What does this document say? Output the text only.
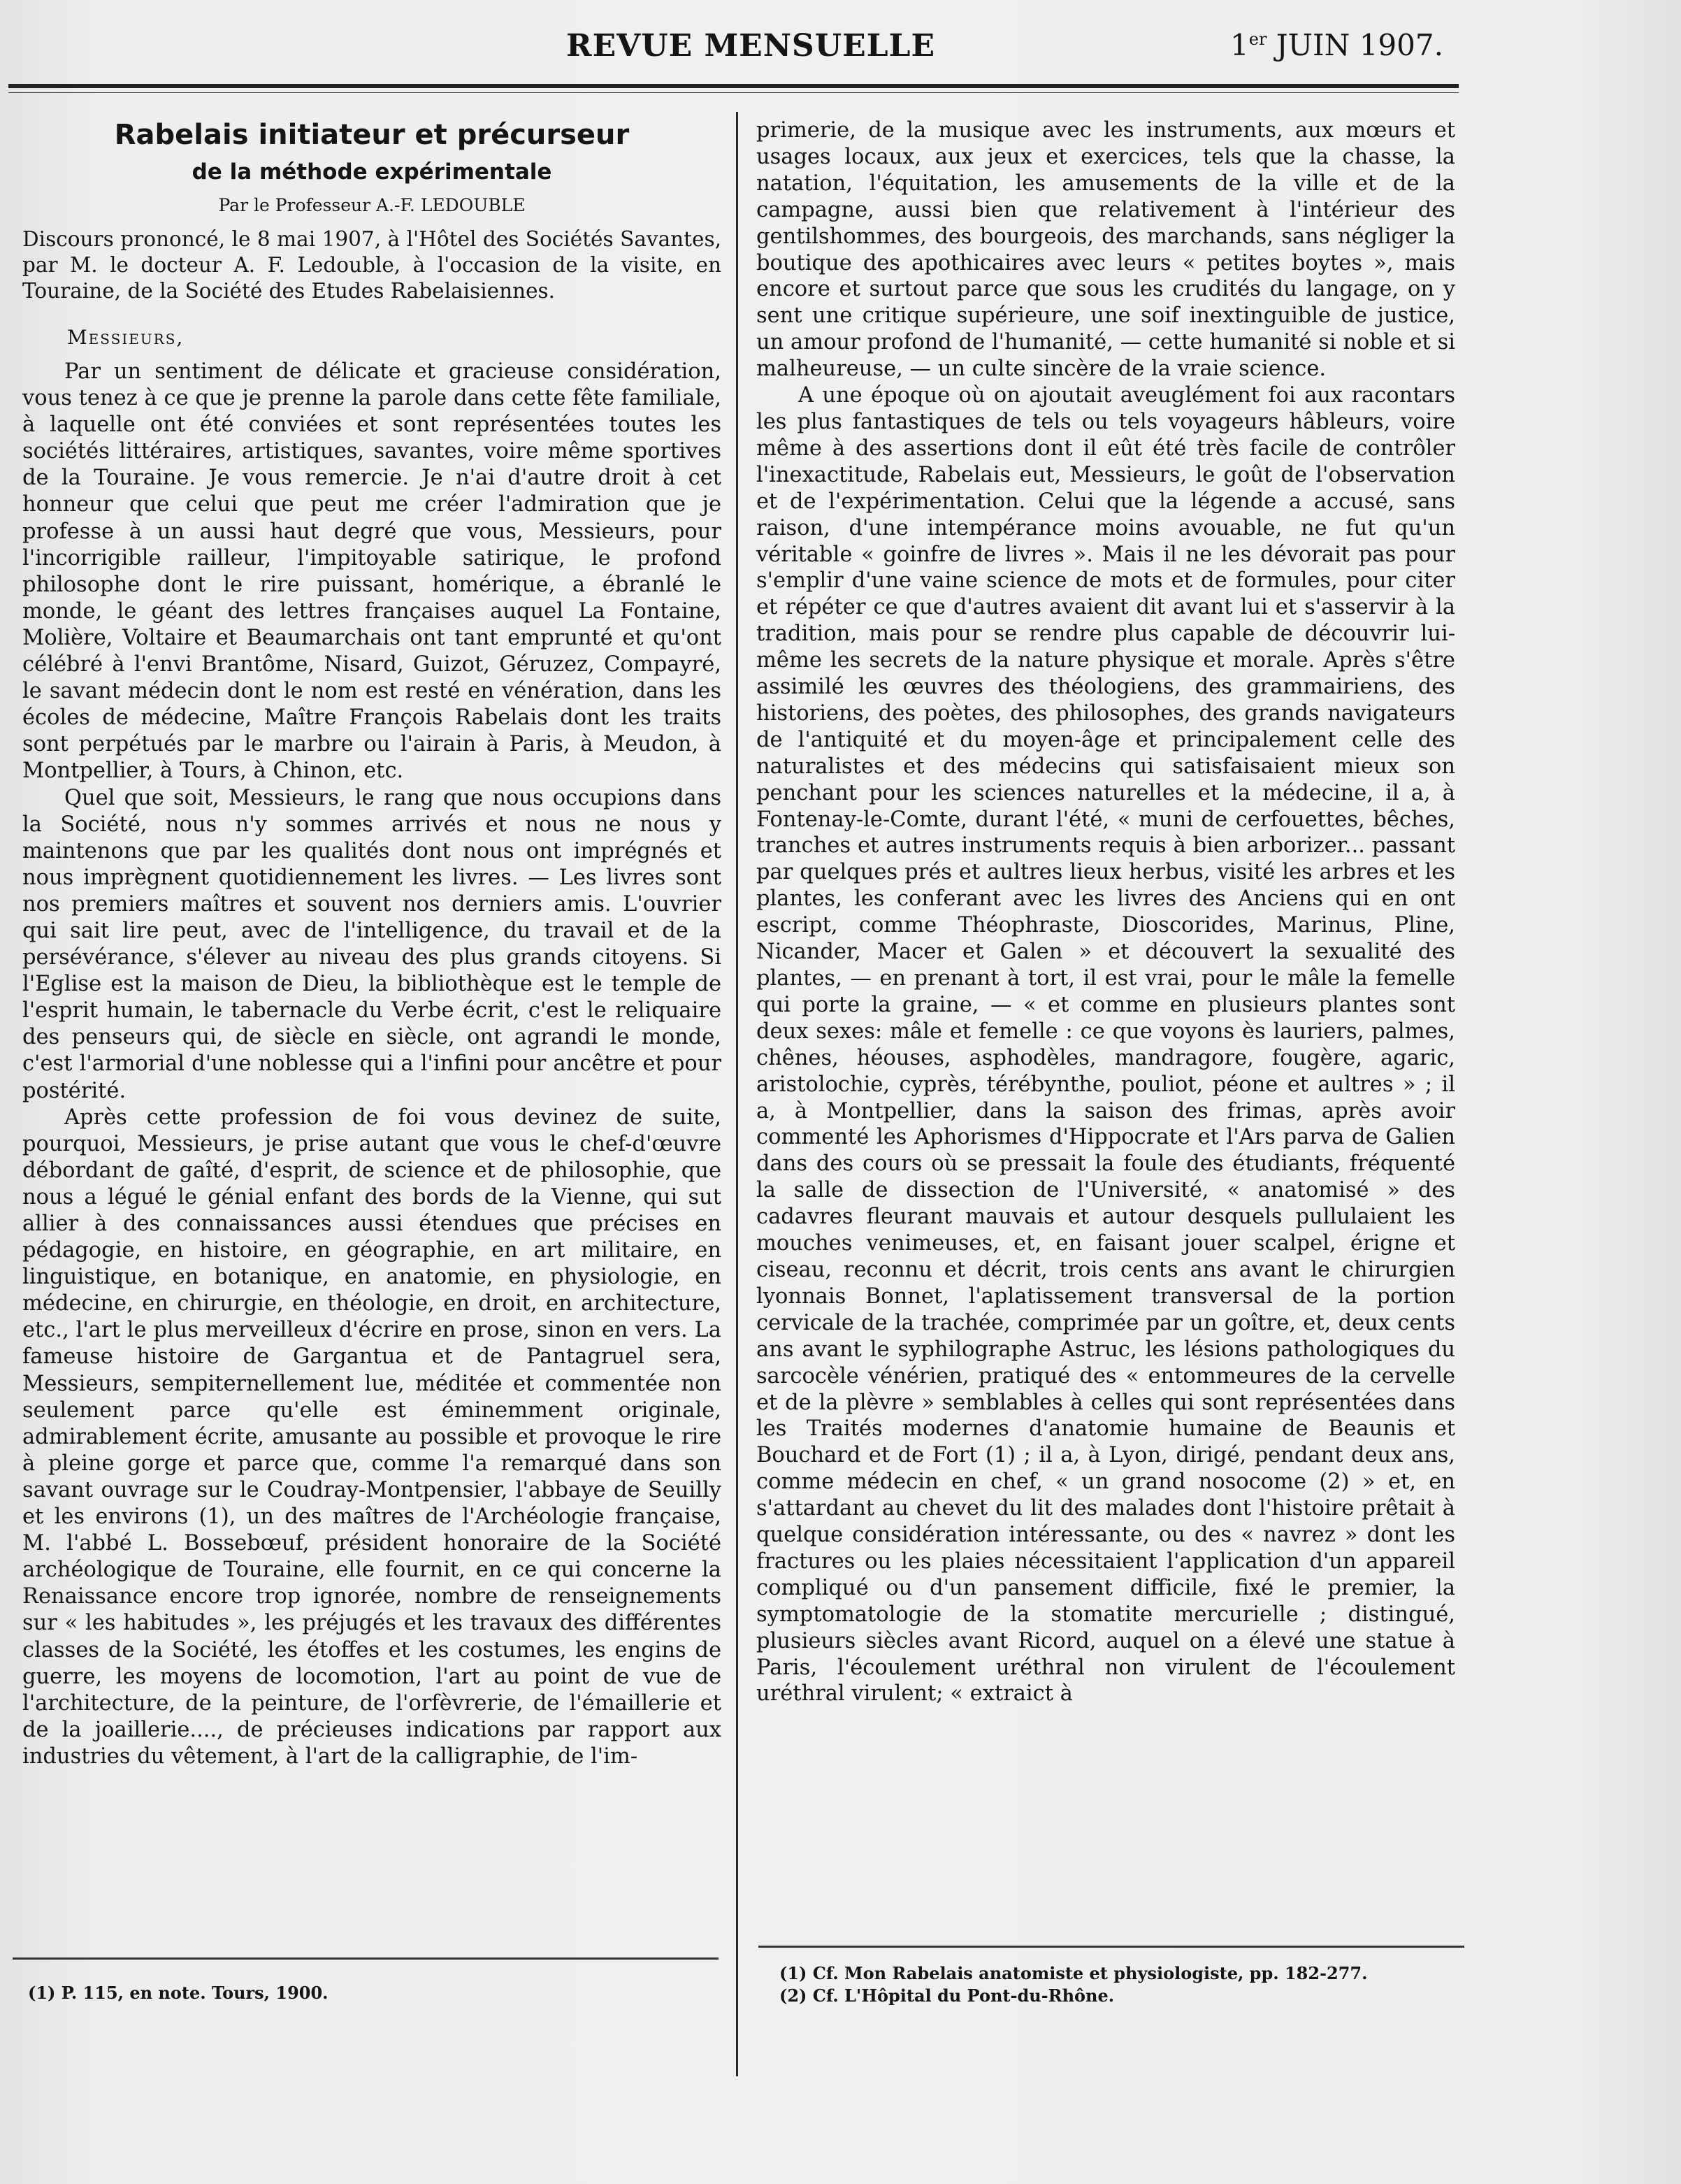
REVUE MENSUELLE	1er JUIN 1907.
Rabelais initiateur et précurseur
de la méthode expérimentale
Par le Professeur A.-F. LEDOUBLE
Discours prononcé, le 8 mai 1907, à l'Hôtel des Sociétés Savantes, par M. le docteur A. F. Ledouble, à l'occasion de la visite, en Touraine, de la Société des Etudes Rabelaisiennes.
Messieurs,

Par un sentiment de délicate et gracieuse considération, vous tenez à ce que je prenne la parole dans cette fête familiale, à laquelle ont été conviées et sont représentées toutes les sociétés littéraires, artistiques, savantes, voire même sportives de la Touraine. Je vous remercie. Je n'ai d'autre droit à cet honneur que celui que peut me créer l'admiration que je professe à un aussi haut degré que vous, Messieurs, pour l'incorrigible railleur, l'impitoyable satirique, le profond philosophe dont le rire puissant, homérique, a ébranlé le monde, le géant des lettres françaises auquel La Fontaine, Molière, Voltaire et Beaumarchais ont tant emprunté et qu'ont célébré à l'envi Brantôme, Nisard, Guizot, Géruzez, Compayré, le savant médecin dont le nom est resté en vénération, dans les écoles de médecine, Maître François Rabelais dont les traits sont perpétués par le marbre ou l'airain à Paris, à Meudon, à Montpellier, à Tours, à Chinon, etc.

Quel que soit, Messieurs, le rang que nous occupions dans la Société, nous n'y sommes arrivés et nous ne nous y maintenons que par les qualités dont nous ont imprégnés et nous imprègnent quotidiennement les livres. — Les livres sont nos premiers maîtres et souvent nos derniers amis. L'ouvrier qui sait lire peut, avec de l'intelligence, du travail et de la persévérance, s'élever au niveau des plus grands citoyens. Si l'Eglise est la maison de Dieu, la bibliothèque est le temple de l'esprit humain, le tabernacle du Verbe écrit, c'est le reliquaire des penseurs qui, de siècle en siècle, ont agrandi le monde, c'est l'armorial d'une noblesse qui a l'infini pour ancêtre et pour postérité.

Après cette profession de foi vous devinez de suite, pourquoi, Messieurs, je prise autant que vous le chef-d'œuvre débordant de gaîté, d'esprit, de science et de philosophie, que nous a légué le génial enfant des bords de la Vienne, qui sut allier à des connaissances aussi étendues que précises en pédagogie, en histoire, en géographie, en art militaire, en linguistique, en botanique, en anatomie, en physiologie, en médecine, en chirurgie, en théologie, en droit, en architecture, etc., l'art le plus merveilleux d'écrire en prose, sinon en vers. La fameuse histoire de Gargantua et de Pantagruel sera, Messieurs, sempiternellement lue, méditée et commentée non seulement parce qu'elle est éminemment originale, admirablement écrite, amusante au possible et provoque le rire à pleine gorge et parce que, comme l'a remarqué dans son savant ouvrage sur le Coudray-Montpensier, l'abbaye de Seuilly et les environs (1), un des maîtres de l'Archéologie française, M. l'abbé L. Bossebœuf, président honoraire de la Société archéologique de Touraine, elle fournit, en ce qui concerne la Renaissance encore trop ignorée, nombre de renseignements sur « les habitudes », les préjugés et les travaux des différentes classes de la Société, les étoffes et les costumes, les engins de guerre, les moyens de locomotion, l'art au point de vue de l'architecture, de la peinture, de l'orfèvrerie, de l'émaillerie et de la joaillerie...., de précieuses indications par rapport aux industries du vêtement, à l'art de la calligraphie, de l'im-

primerie, de la musique avec les instruments, aux mœurs et usages locaux, aux jeux et exercices, tels que la chasse, la natation, l'équitation, les amusements de la ville et de la campagne, aussi bien que relativement à l'intérieur des gentilshommes, des bourgeois, des marchands, sans négliger la boutique des apothicaires avec leurs « petites boytes », mais encore et surtout parce que sous les crudités du langage, on y sent une critique supérieure, une soif inextinguible de justice, un amour profond de l'humanité, — cette humanité si noble et si malheureuse, — un culte sincère de la vraie science.

A une époque où on ajoutait aveuglément foi aux racontars les plus fantastiques de tels ou tels voyageurs hâbleurs, voire même à des assertions dont il eût été très facile de contrôler l'inexactitude, Rabelais eut, Messieurs, le goût de l'observation et de l'expérimentation. Celui que la légende a accusé, sans raison, d'une intempérance moins avouable, ne fut qu'un véritable « goinfre de livres ». Mais il ne les dévorait pas pour s'emplir d'une vaine science de mots et de formules, pour citer et répéter ce que d'autres avaient dit avant lui et s'asservir à la tradition, mais pour se rendre plus capable de découvrir lui-même les secrets de la nature physique et morale. Après s'être assimilé les œuvres des théologiens, des grammairiens, des historiens, des poètes, des philosophes, des grands navigateurs de l'antiquité et du moyen-âge et principalement celle des naturalistes et des médecins qui satisfaisaient mieux son penchant pour les sciences naturelles et la médecine, il a, à Fontenay-le-Comte, durant l'été, « muni de cerfouettes, bêches, tranches et autres instruments requis à bien arborizer... passant par quelques prés et aultres lieux herbus, visité les arbres et les plantes, les conferant avec les livres des Anciens qui en ont escript, comme Théophraste, Dioscorides, Marinus, Pline, Nicander, Macer et Galen » et découvert la sexualité des plantes, — en prenant à tort, il est vrai, pour le mâle la femelle qui porte la graine, — « et comme en plusieurs plantes sont deux sexes: mâle et femelle : ce que voyons ès lauriers, palmes, chênes, héouses, asphodèles, mandragore, fougère, agaric, aristolochie, cyprès, térébynthe, pouliot, péone et aultres » ; il a, à Montpellier, dans la saison des frimas, après avoir commenté les Aphorismes d'Hippocrate et l'Ars parva de Galien dans des cours où se pressait la foule des étudiants, fréquenté la salle de dissection de l'Université, « anatomisé » des cadavres fleurant mauvais et autour desquels pullulaient les mouches venimeuses, et, en faisant jouer scalpel, érigne et ciseau, reconnu et décrit, trois cents ans avant le chirurgien lyonnais Bonnet, l'aplatissement transversal de la portion cervicale de la trachée, comprimée par un goître, et, deux cents ans avant le syphilographe Astruc, les lésions pathologiques du sarcocèle vénérien, pratiqué des « entommeures de la cervelle et de la plèvre » semblables à celles qui sont représentées dans les Traités modernes d'anatomie humaine de Beaunis et Bouchard et de Fort (1) ; il a, à Lyon, dirigé, pendant deux ans, comme médecin en chef, « un grand nosocome (2) » et, en s'attardant au chevet du lit des malades dont l'histoire prêtait à quelque considération intéressante, ou des « navrez » dont les fractures ou les plaies nécessitaient l'application d'un appareil compliqué ou d'un pansement difficile, fixé le premier, la symptomatologie de la stomatite mercurielle ; distingué, plusieurs siècles avant Ricord, auquel on a élevé une statue à Paris, l'écoulement uréthral non virulent de l'écoulement uréthral virulent; « extraict à

(1) P. 115, en note. Tours, 1900.
(1) Cf. Mon Rabelais anatomiste et physiologiste, pp. 182-277.
(2) Cf. L'Hôpital du Pont-du-Rhône.
